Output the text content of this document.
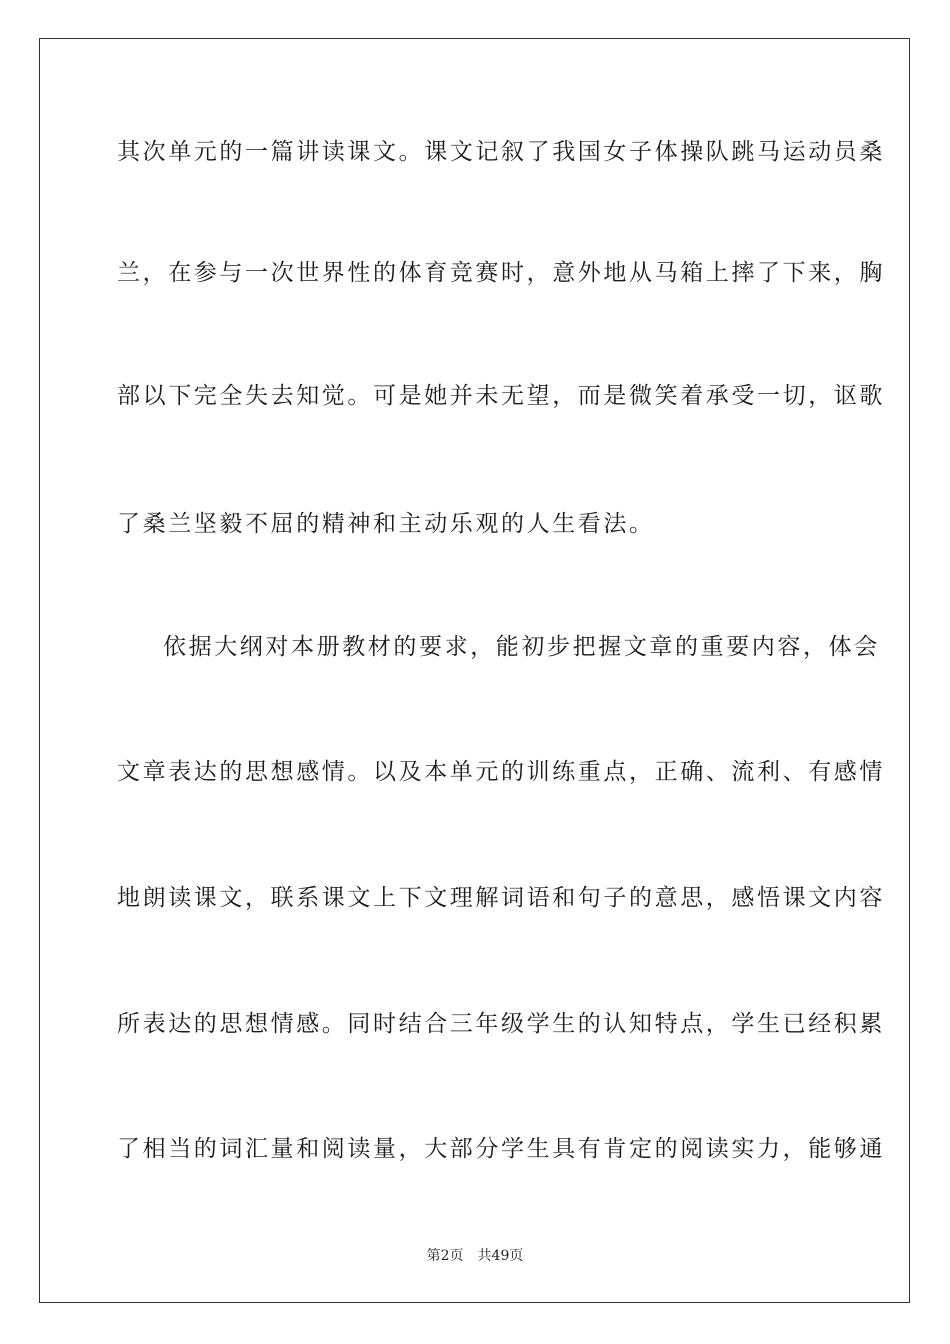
其次单元的一篇讲读课文。课文记叙了我国女子体操队跳马运动员桑
兰，在参与一次世界性的体育竞赛时，意外地从马箱上摔了下来，胸
部以下完全失去知觉。可是她并未无望，而是微笑着承受一切，讴歌
了桑兰坚毅不屈的精神和主动乐观的人生看法。
依据大纲对本册教材的要求，能初步把握文章的重要内容，体会
文章表达的思想感情。以及本单元的训练重点，正确、流利、有感情
地朗读课文，联系课文上下文理解词语和句子的意思，感悟课文内容
所表达的思想情感。同时结合三年级学生的认知特点，学生已经积累
了相当的词汇量和阅读量，大部分学生具有肯定的阅读实力，能够通
第2页 共49页
